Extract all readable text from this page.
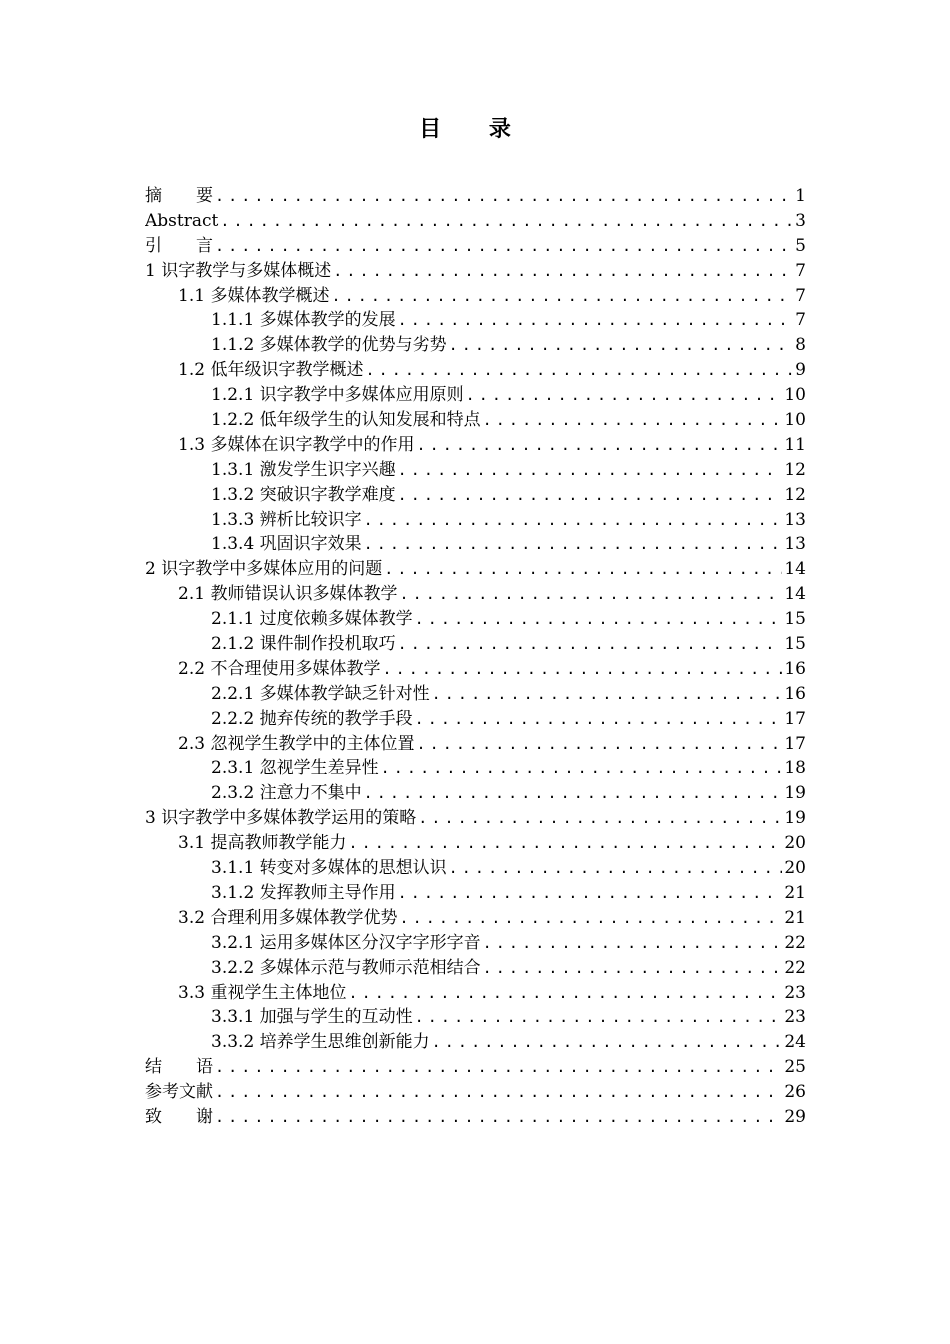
目 录
摘　　要 .....	1
Abstract .....	3
引　　言 .....	5
1 识字教学与多媒体概述 .....	7
1.1 多媒体教学概述 .....	7
1.1.1 多媒体教学的发展 .....	7
1.1.2 多媒体教学的优势与劣势 .....	8
1.2 低年级识字教学概述 .....	9
1.2.1 识字教学中多媒体应用原则 .....	10
1.2.2 低年级学生的认知发展和特点 .....	10
1.3 多媒体在识字教学中的作用 .....	11
1.3.1 激发学生识字兴趣 .....	12
1.3.2 突破识字教学难度 .....	12
1.3.3 辨析比较识字 .....	13
1.3.4 巩固识字效果 .....	13
2 识字教学中多媒体应用的问题 .....	14
2.1 教师错误认识多媒体教学 .....	14
2.1.1 过度依赖多媒体教学 .....	15
2.1.2 课件制作投机取巧 .....	15
2.2 不合理使用多媒体教学 .....	16
2.2.1 多媒体教学缺乏针对性 .....	16
2.2.2 抛弃传统的教学手段 .....	17
2.3 忽视学生教学中的主体位置 .....	17
2.3.1 忽视学生差异性 .....	18
2.3.2 注意力不集中 .....	19
3 识字教学中多媒体教学运用的策略 .....	19
3.1 提高教师教学能力 .....	20
3.1.1 转变对多媒体的思想认识 .....	20
3.1.2 发挥教师主导作用 .....	21
3.2 合理利用多媒体教学优势 .....	21
3.2.1 运用多媒体区分汉字字形字音 .....	22
3.2.2 多媒体示范与教师示范相结合 .....	22
3.3 重视学生主体地位 .....	23
3.3.1 加强与学生的互动性 .....	23
3.3.2 培养学生思维创新能力 .....	24
结　　语 .....	25
参考文献 .....	26
致　　谢 .....	29
